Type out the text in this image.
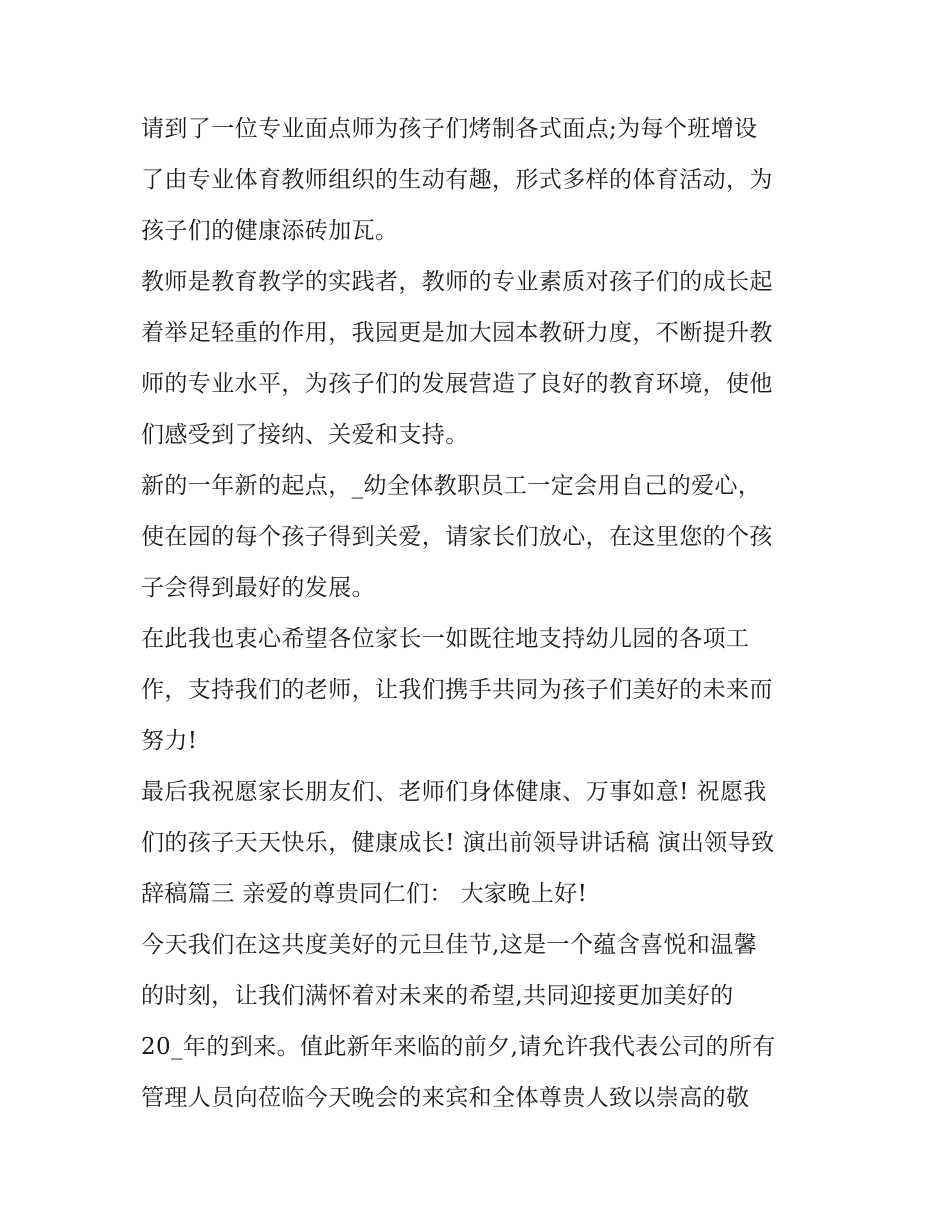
请到了一位专业面点师为孩子们烤制各式面点;为每个班增设
了由专业体育教师组织的生动有趣，形式多样的体育活动，为
孩子们的健康添砖加瓦。
教师是教育教学的实践者，教师的专业素质对孩子们的成长起
着举足轻重的作用，我园更是加大园本教研力度，不断提升教
师的专业水平，为孩子们的发展营造了良好的教育环境，使他
们感受到了接纳、关爱和支持。
新的一年新的起点，_幼全体教职员工一定会用自己的爱心，
使在园的每个孩子得到关爱，请家长们放心，在这里您的个孩
子会得到最好的发展。
在此我也衷心希望各位家长一如既往地支持幼儿园的各项工
作，支持我们的老师，让我们携手共同为孩子们美好的未来而
努力!
最后我祝愿家长朋友们、老师们身体健康、万事如意! 祝愿我
们的孩子天天快乐，健康成长! 演出前领导讲话稿 演出领导致
辞稿篇三 亲爱的尊贵同仁们： 大家晚上好!
今天我们在这共度美好的元旦佳节,这是一个蕴含喜悦和温馨
的时刻，让我们满怀着对未来的希望,共同迎接更加美好的
20_年的到来。值此新年来临的前夕,请允许我代表公司的所有
管理人员向莅临今天晚会的来宾和全体尊贵人致以崇高的敬
